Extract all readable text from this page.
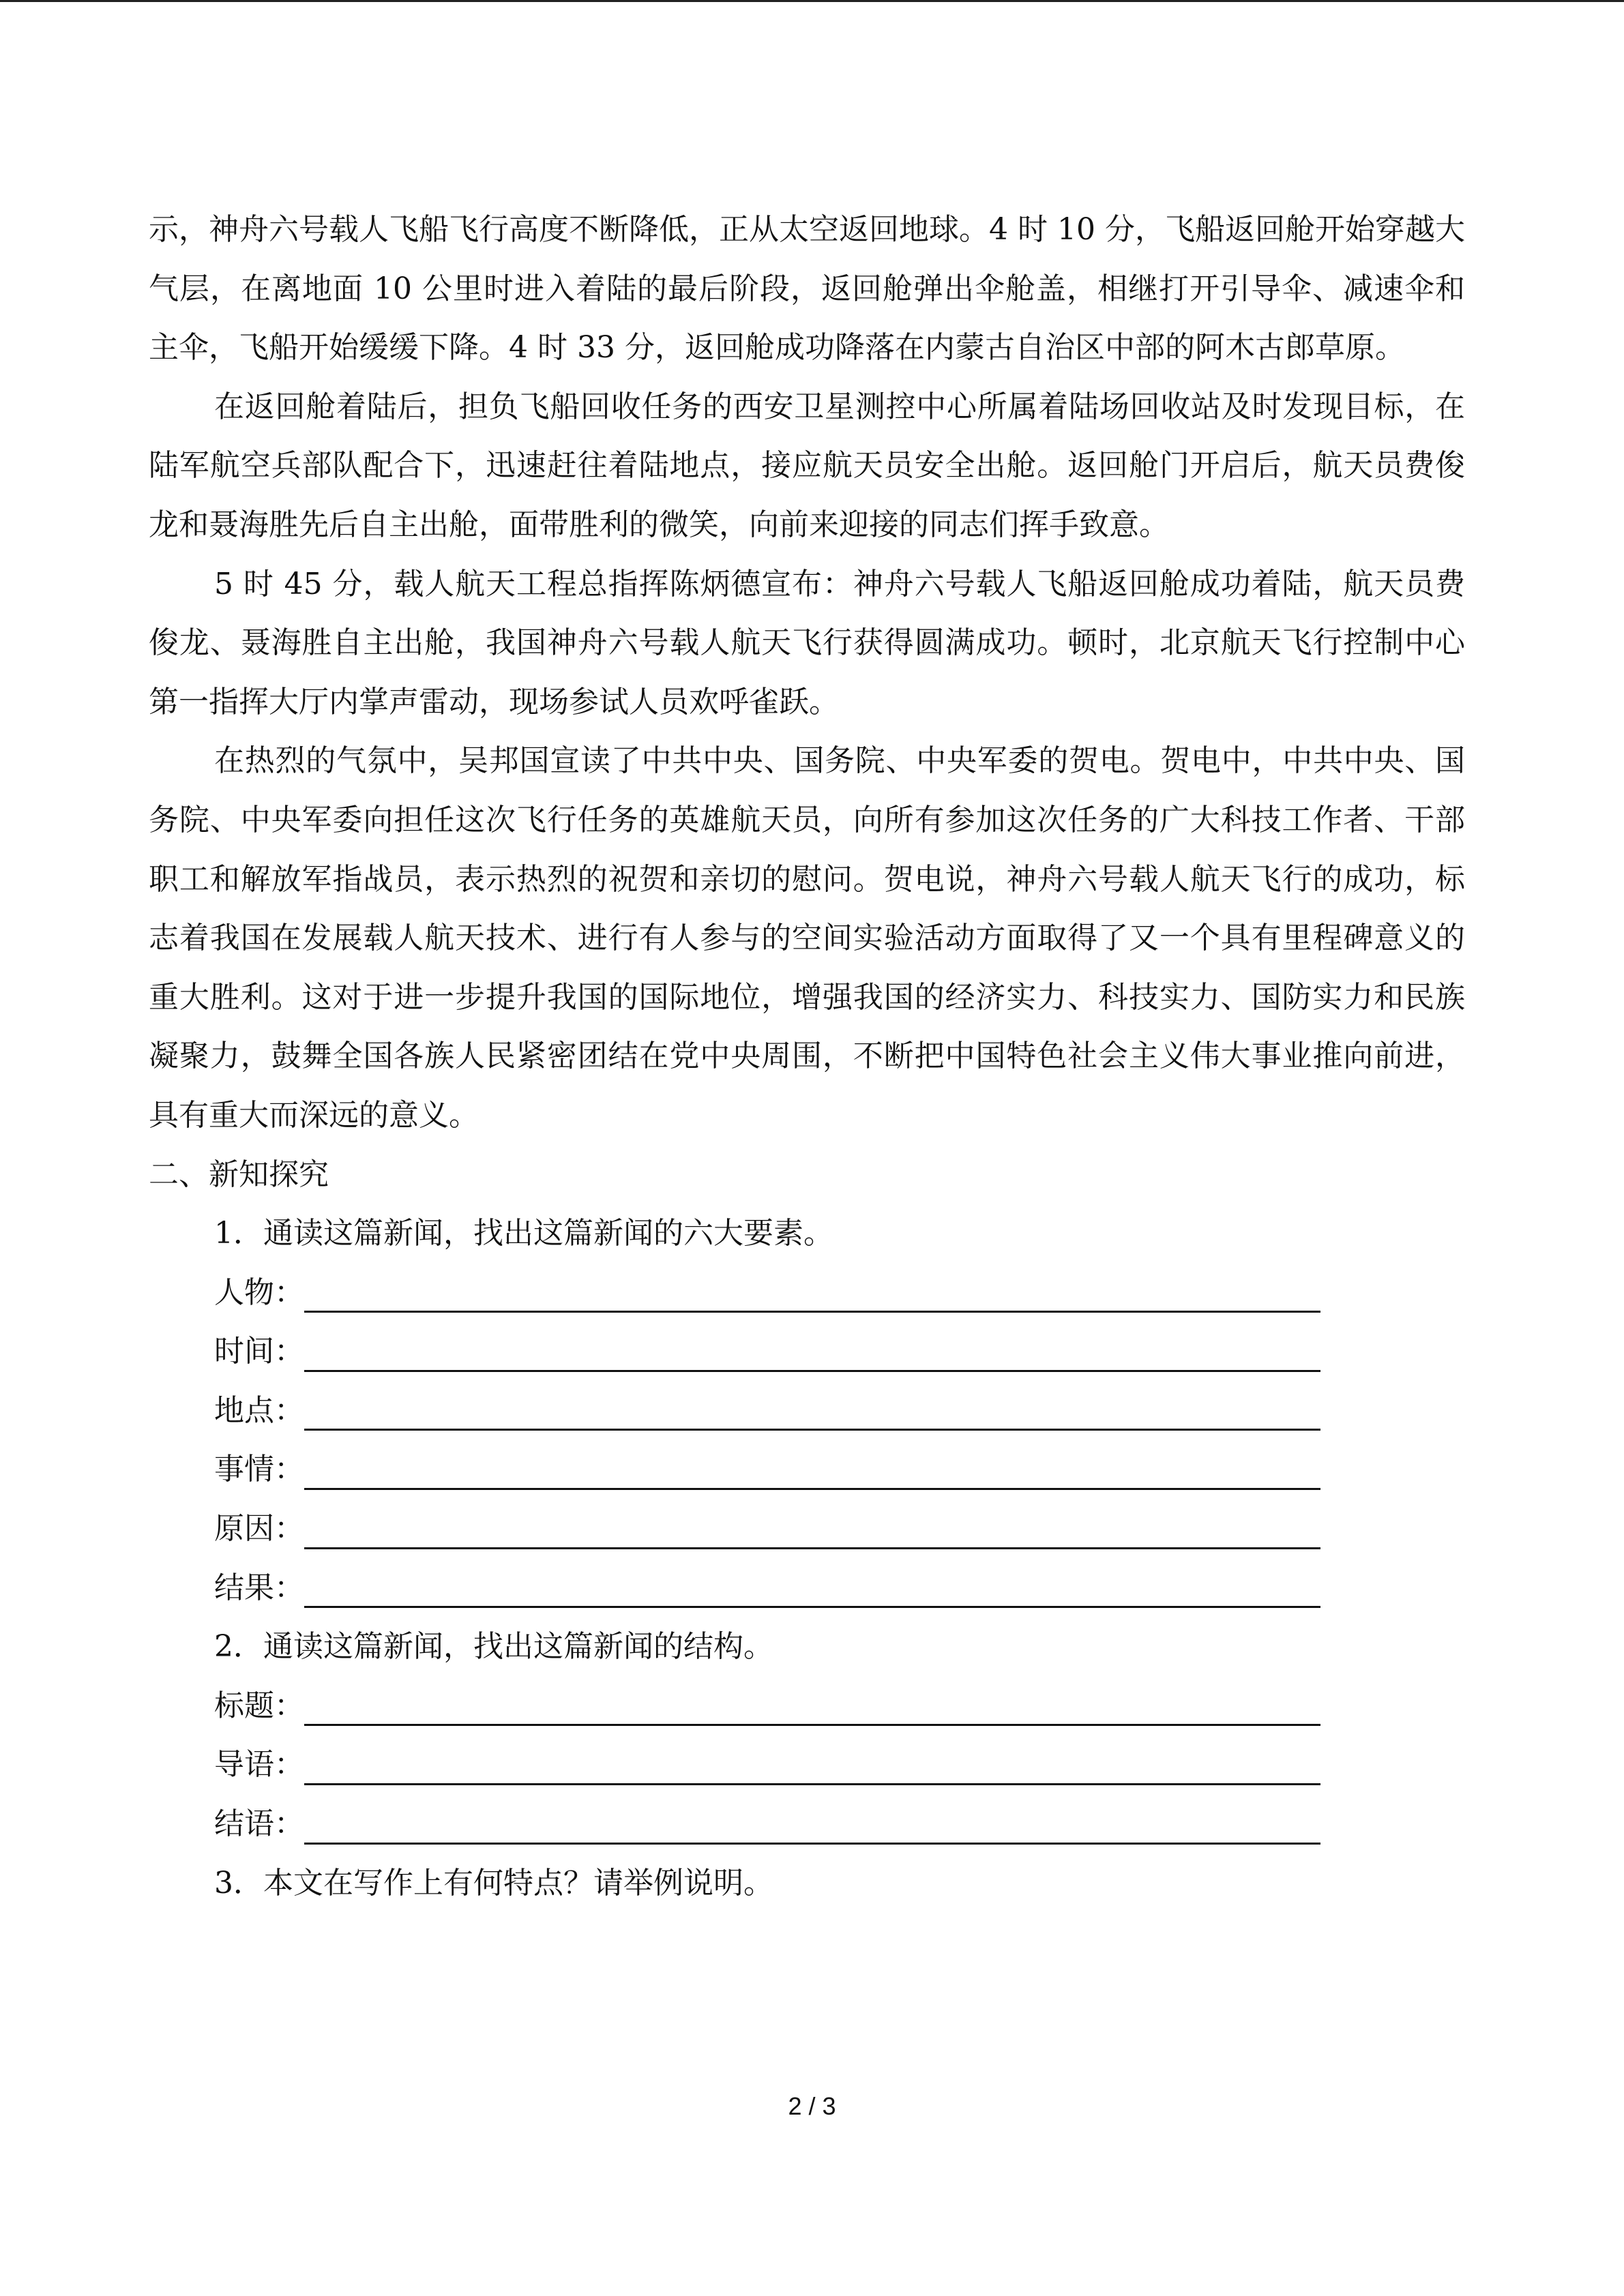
示，神舟六号载人飞船飞行高度不断降低，正从太空返回地球。4 时 10 分，飞船返回舱开始穿越大气层，在离地面 10 公里时进入着陆的最后阶段，返回舱弹出伞舱盖，相继打开引导伞、减速伞和主伞，飞船开始缓缓下降。4 时 33 分，返回舱成功降落在内蒙古自治区中部的阿木古郎草原。

在返回舱着陆后，担负飞船回收任务的西安卫星测控中心所属着陆场回收站及时发现目标，在陆军航空兵部队配合下，迅速赶往着陆地点，接应航天员安全出舱。返回舱门开启后，航天员费俊龙和聂海胜先后自主出舱，面带胜利的微笑，向前来迎接的同志们挥手致意。

5 时 45 分，载人航天工程总指挥陈炳德宣布：神舟六号载人飞船返回舱成功着陆，航天员费俊龙、聂海胜自主出舱，我国神舟六号载人航天飞行获得圆满成功。顿时，北京航天飞行控制中心第一指挥大厅内掌声雷动，现场参试人员欢呼雀跃。

在热烈的气氛中，吴邦国宣读了中共中央、国务院、中央军委的贺电。贺电中，中共中央、国务院、中央军委向担任这次飞行任务的英雄航天员，向所有参加这次任务的广大科技工作者、干部职工和解放军指战员，表示热烈的祝贺和亲切的慰问。贺电说，神舟六号载人航天飞行的成功，标志着我国在发展载人航天技术、进行有人参与的空间实验活动方面取得了又一个具有里程碑意义的重大胜利。这对于进一步提升我国的国际地位，增强我国的经济实力、科技实力、国防实力和民族凝聚力，鼓舞全国各族人民紧密团结在党中央周围，不断把中国特色社会主义伟大事业推向前进，具有重大而深远的意义。

二、新知探究

1．通读这篇新闻，找出这篇新闻的六大要素。

人物：
时间：
地点：
事情：
原因：
结果：

2．通读这篇新闻，找出这篇新闻的结构。

标题：
导语：
结语：

3．本文在写作上有何特点？请举例说明。

2 / 3
